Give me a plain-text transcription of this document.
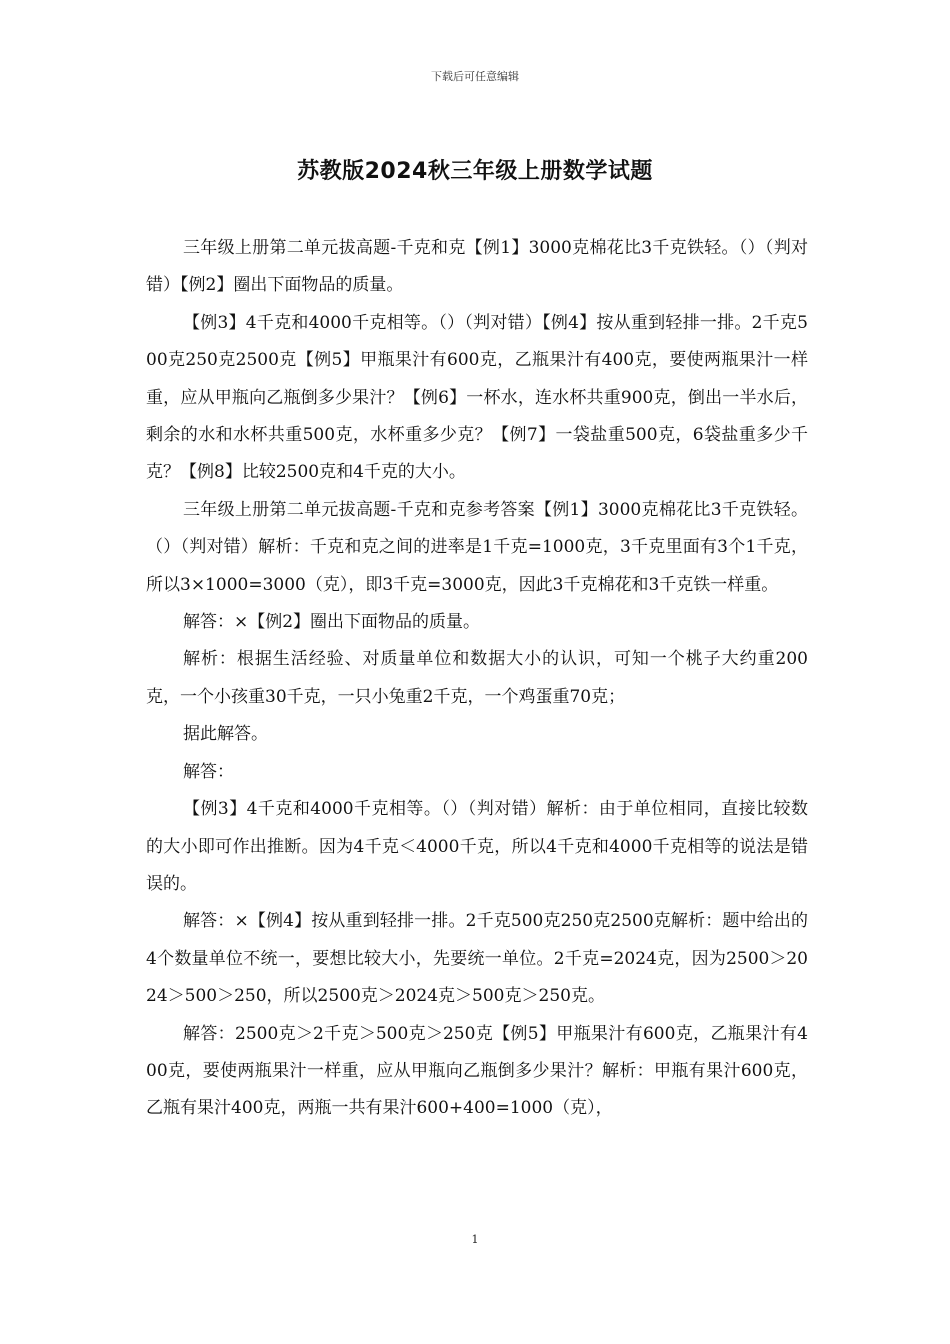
下载后可任意编辑
苏教版2024秋三年级上册数学试题

三年级上册第二单元拔高题-千克和克【例1】3000克棉花比3千克铁轻。（）（判对错）【例2】圈出下面物品的质量。

【例3】4千克和4000千克相等。（）（判对错）【例4】按从重到轻排一排。2千克500克250克2500克【例5】甲瓶果汁有600克，乙瓶果汁有400克，要使两瓶果汁一样重，应从甲瓶向乙瓶倒多少果汁？【例6】一杯水，连水杯共重900克，倒出一半水后，剩余的水和水杯共重500克，水杯重多少克？【例7】一袋盐重500克，6袋盐重多少千克？【例8】比较2500克和4千克的大小。

三年级上册第二单元拔高题-千克和克参考答案【例1】3000克棉花比3千克铁轻。（）（判对错）解析：千克和克之间的进率是1千克=1000克，3千克里面有3个1千克，所以3×1000=3000（克），即3千克=3000克，因此3千克棉花和3千克铁一样重。

解答：×【例2】圈出下面物品的质量。

解析：根据生活经验、对质量单位和数据大小的认识，可知一个桃子大约重200克，一个小孩重30千克，一只小兔重2千克，一个鸡蛋重70克；

据此解答。

解答：

【例3】4千克和4000千克相等。（）（判对错）解析：由于单位相同，直接比较数的大小即可作出推断。因为4千克＜4000千克，所以4千克和4000千克相等的说法是错误的。

解答：×【例4】按从重到轻排一排。2千克500克250克2500克解析：题中给出的4个数量单位不统一，要想比较大小，先要统一单位。2千克=2024克，因为2500＞2024＞500＞250，所以2500克＞2024克＞500克＞250克。

解答：2500克＞2千克＞500克＞250克【例5】甲瓶果汁有600克，乙瓶果汁有400克，要使两瓶果汁一样重，应从甲瓶向乙瓶倒多少果汁？解析：甲瓶有果汁600克，乙瓶有果汁400克，两瓶一共有果汁600+400=1000（克），

1
